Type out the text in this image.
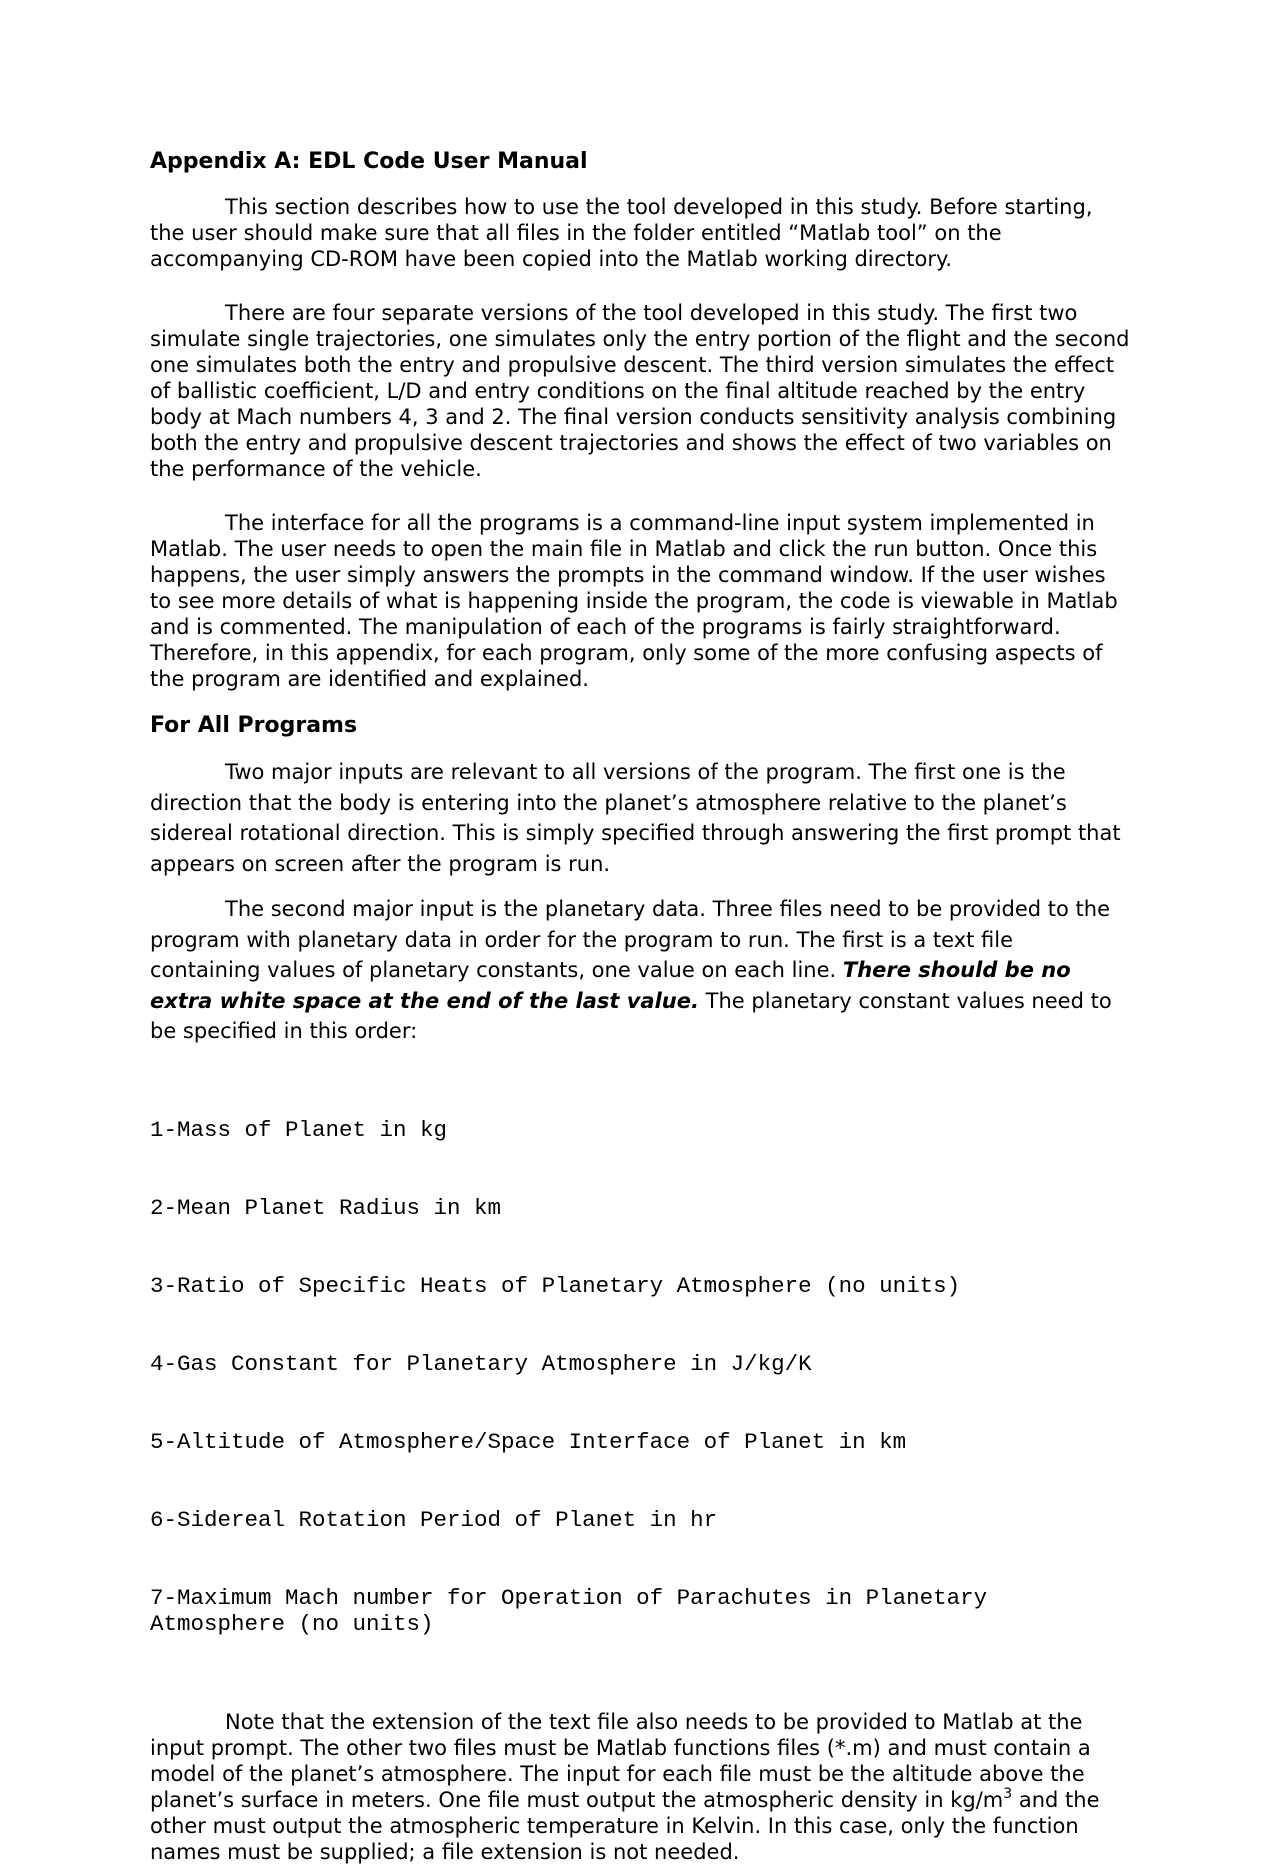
Appendix A: EDL Code User Manual

This section describes how to use the tool developed in this study. Before starting, the user should make sure that all files in the folder entitled “Matlab tool” on the accompanying CD-ROM have been copied into the Matlab working directory.

There are four separate versions of the tool developed in this study. The first two simulate single trajectories, one simulates only the entry portion of the flight and the second one simulates both the entry and propulsive descent. The third version simulates the effect of ballistic coefficient, L/D and entry conditions on the final altitude reached by the entry body at Mach numbers 4, 3 and 2. The final version conducts sensitivity analysis combining both the entry and propulsive descent trajectories and shows the effect of two variables on the performance of the vehicle.

The interface for all the programs is a command-line input system implemented in Matlab. The user needs to open the main file in Matlab and click the run button. Once this happens, the user simply answers the prompts in the command window. If the user wishes to see more details of what is happening inside the program, the code is viewable in Matlab and is commented. The manipulation of each of the programs is fairly straightforward. Therefore, in this appendix, for each program, only some of the more confusing aspects of the program are identified and explained.

For All Programs

Two major inputs are relevant to all versions of the program. The first one is the direction that the body is entering into the planet’s atmosphere relative to the planet’s sidereal rotational direction. This is simply specified through answering the first prompt that appears on screen after the program is run.

The second major input is the planetary data. Three files need to be provided to the program with planetary data in order for the program to run. The first is a text file containing values of planetary constants, one value on each line. There should be no extra white space at the end of the last value. The planetary constant values need to be specified in this order:

1-Mass of Planet in kg

2-Mean Planet Radius in km

3-Ratio of Specific Heats of Planetary Atmosphere (no units)

4-Gas Constant for Planetary Atmosphere in J/kg/K

5-Altitude of Atmosphere/Space Interface of Planet in km

6-Sidereal Rotation Period of Planet in hr

7-Maximum Mach number for Operation of Parachutes in Planetary Atmosphere (no units)

Note that the extension of the text file also needs to be provided to Matlab at the input prompt. The other two files must be Matlab functions files (*.m) and must contain a model of the planet’s atmosphere. The input for each file must be the altitude above the planet’s surface in meters. One file must output the atmospheric density in $kg/m^3$ and the other must output the atmospheric temperature in Kelvin. In this case, only the function names must be supplied; a file extension is not needed.
